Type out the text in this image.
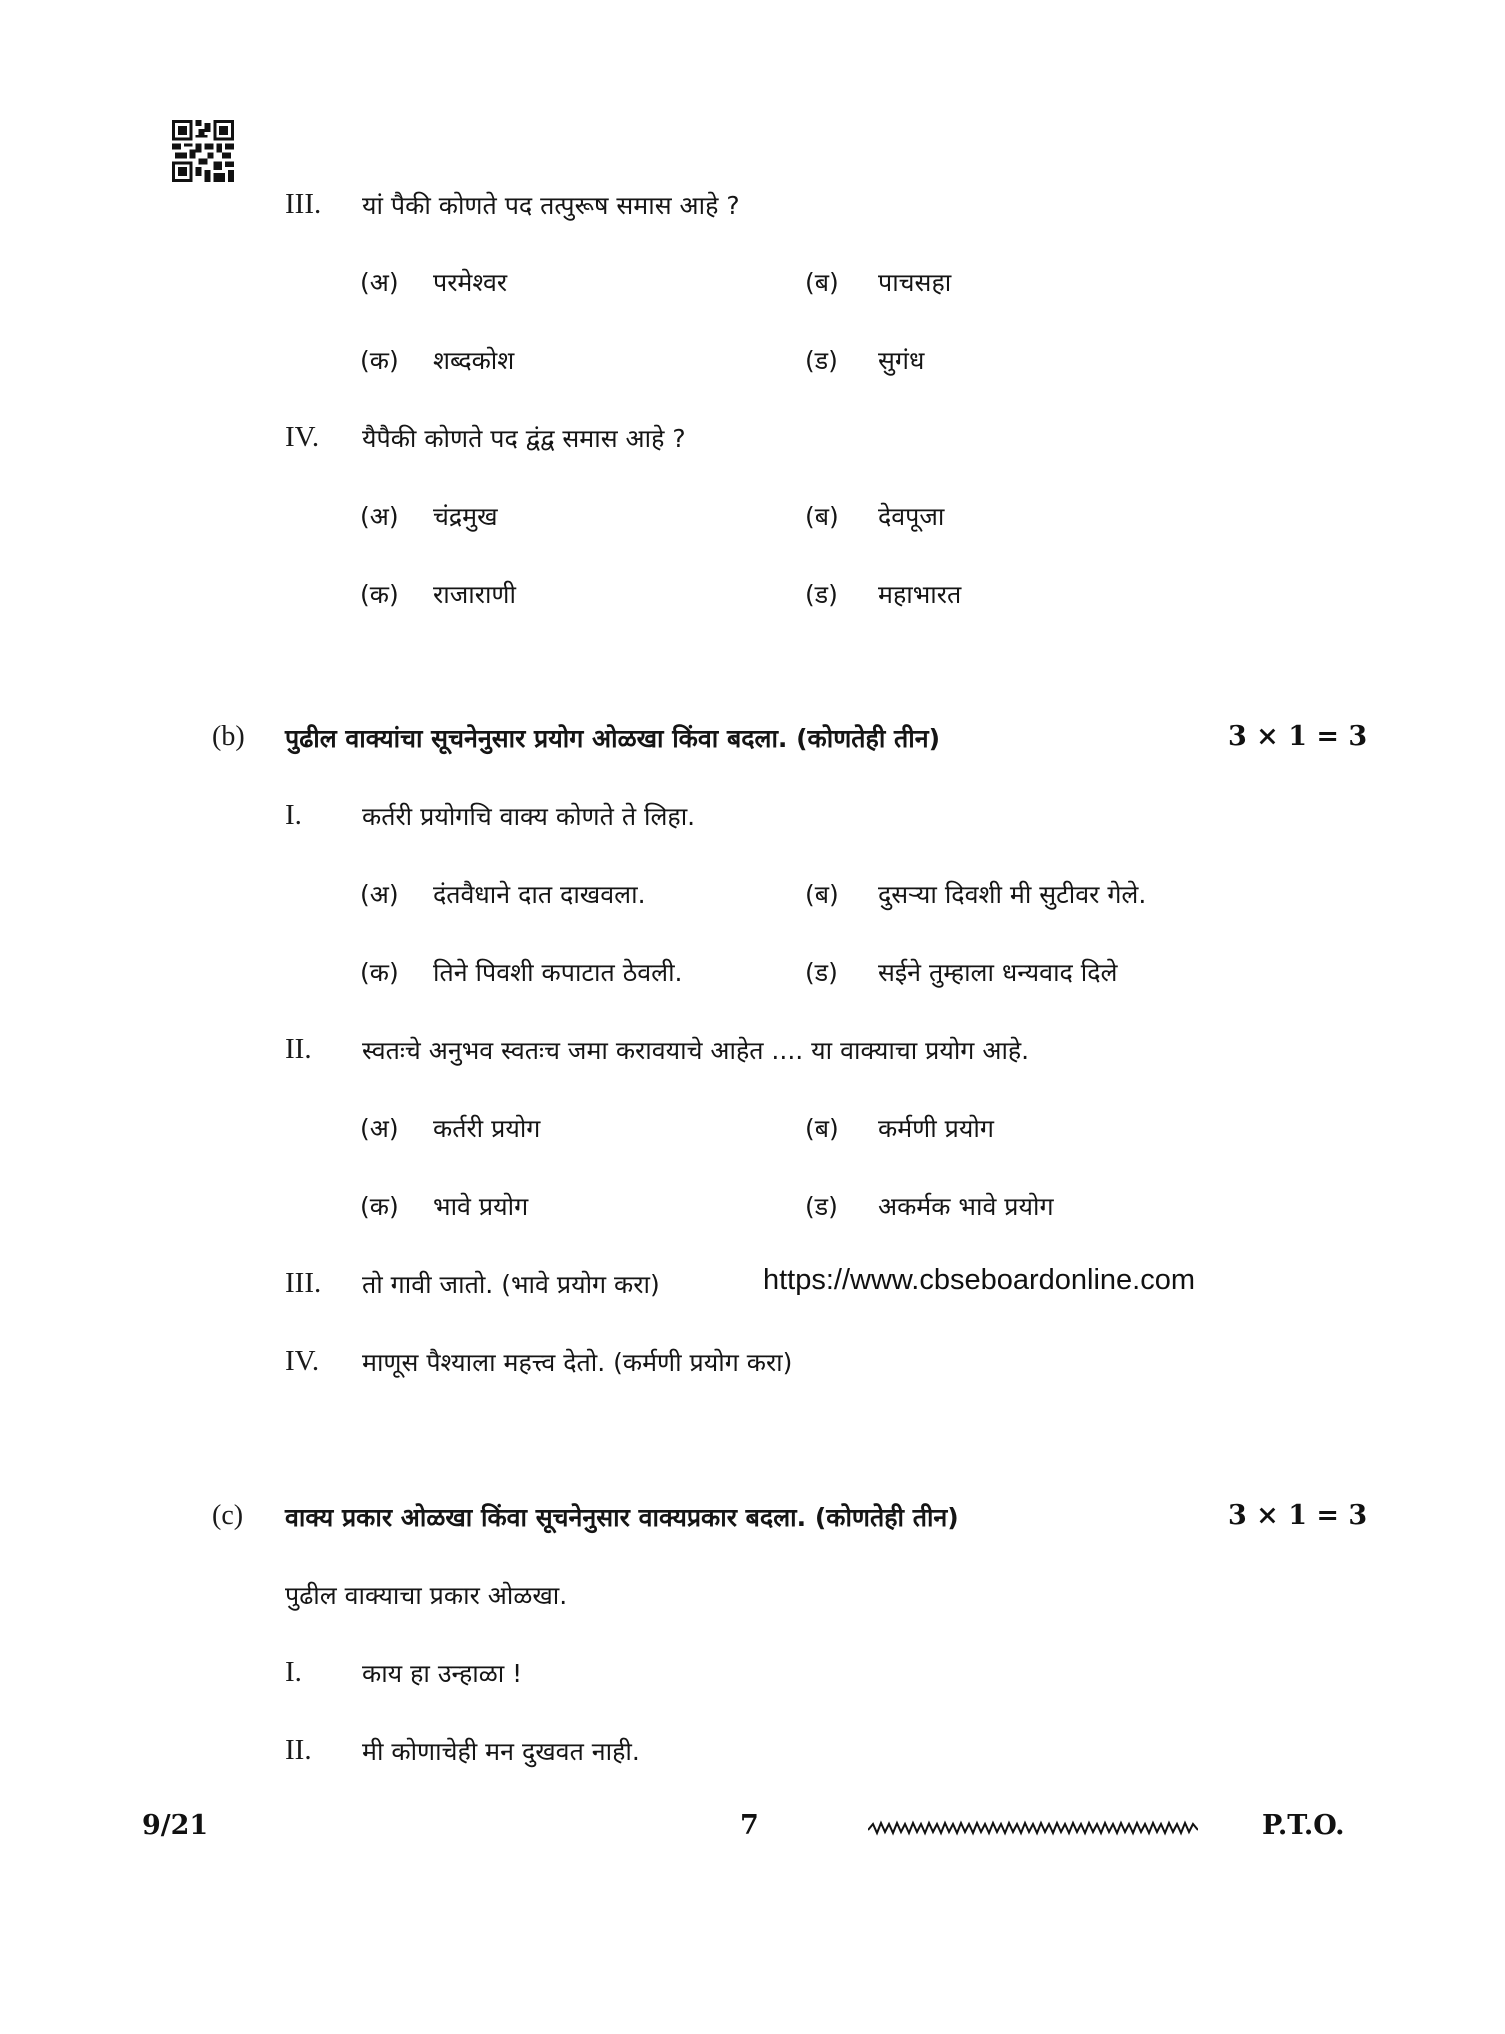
III. यां पैकी कोणते पद तत्पुरूष समास आहे ?
(अ) परमेश्वर	(ब) पाचसहा
(क) शब्दकोश	(ड) सुगंध
IV. यैपैकी कोणते पद द्वंद्व समास आहे ?
(अ) चंद्रमुख	(ब) देवपूजा
(क) राजाराणी	(ड) महाभारत
(b) पुढील वाक्यांचा सूचनेनुसार प्रयोग ओळखा किंवा बदला. (कोणतेही तीन)	3 × 1 = 3
I. कर्तरी प्रयोगचि वाक्य कोणते ते लिहा.
(अ) दंतवैधाने दात दाखवला.	(ब) दुसऱ्या दिवशी मी सुटीवर गेले.
(क) तिने पिवशी कपाटात ठेवली.	(ड) सईने तुम्हाला धन्यवाद दिले
II. स्वतःचे अनुभव स्वतःच जमा करावयाचे आहेत .... या वाक्याचा प्रयोग आहे.
(अ) कर्तरी प्रयोग	(ब) कर्मणी प्रयोग
(क) भावे प्रयोग	(ड) अकर्मक भावे प्रयोग
III. तो गावी जातो. (भावे प्रयोग करा)	https://www.cbseboardonline.com
IV. माणूस पैश्याला महत्त्व देतो. (कर्मणी प्रयोग करा)
(c) वाक्य प्रकार ओळखा किंवा सूचनेनुसार वाक्यप्रकार बदला. (कोणतेही तीन)	3 × 1 = 3
पुढील वाक्याचा प्रकार ओळखा.
I. काय हा उन्हाळा !
II. मी कोणाचेही मन दुखवत नाही.
9/21	7	P.T.O.
